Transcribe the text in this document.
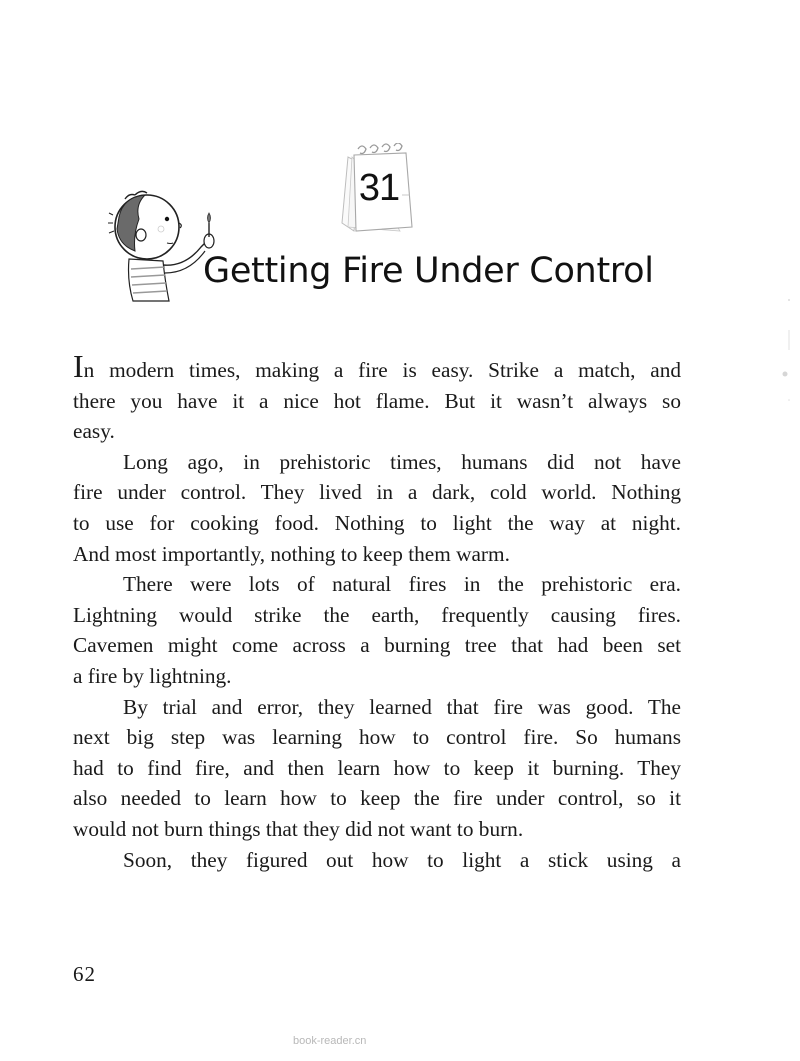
31
Getting Fire Under Control
In modern times, making a fire is easy. Strike a match, and
there you have it a nice hot flame. But it wasn’t always so
easy.
Long ago, in prehistoric times, humans did not have
fire under control. They lived in a dark, cold world. Nothing
to use for cooking food. Nothing to light the way at night.
And most importantly, nothing to keep them warm.
There were lots of natural fires in the prehistoric era.
Lightning would strike the earth, frequently causing fires.
Cavemen might come across a burning tree that had been set
a fire by lightning.
By trial and error, they learned that fire was good. The
next big step was learning how to control fire. So humans
had to find fire, and then learn how to keep it burning. They
also needed to learn how to keep the fire under control, so it
would not burn things that they did not want to burn.
Soon, they figured out how to light a stick using a
62
book-reader.cn
